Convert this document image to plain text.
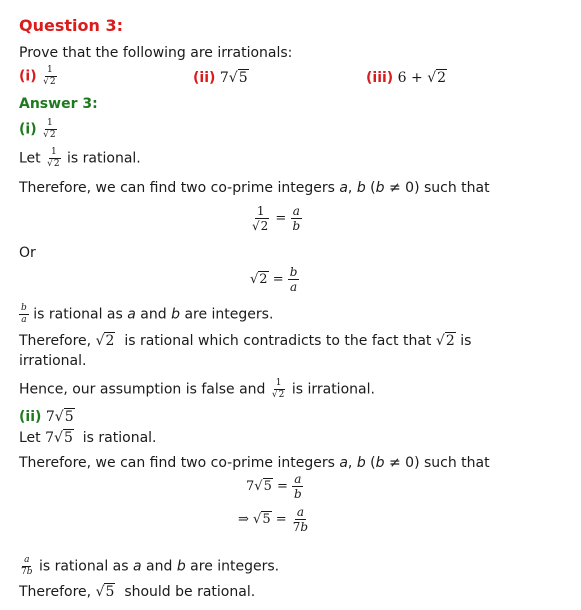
Question 3:
Prove that the following are irrationals:
$(i) \frac{1}{√2}$	(ii) 7√5	(iii) 6 + √2
Answer 3:
$(i) \frac{1}{√2}$
Let $\frac{1}{√2}$ is rational.
Therefore, we can find two co-prime integers a, b (b ≠ 0) such that
$\frac{1}{√2} = \frac{a}{b}$
Or
$√2 = \frac{b}{a}$
$\frac{b}{a}$ is rational as a and b are integers.
Therefore, √2 is rational which contradicts to the fact that √2 is
irrational.
Hence, our assumption is false and $\frac{1}{√2}$ is irrational.
(ii) 7√5
Let 7√5 is rational.
Therefore, we can find two co-prime integers a, b (b ≠ 0) such that
$7√5 = \frac{a}{b}$
⇒ $√5 = \frac{a}{7b}$
$\frac{a}{7b}$ is rational as a and b are integers.
Therefore, √5 should be rational.
